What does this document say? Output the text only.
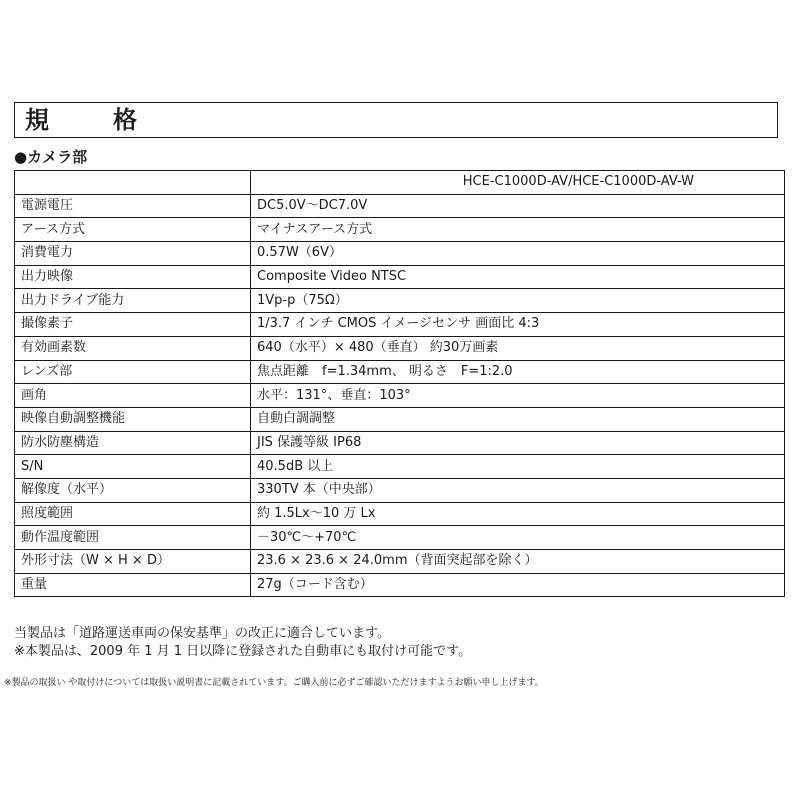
規　格
●カメラ部
	HCE-C1000D-AV/HCE-C1000D-AV-W
電源電圧	DC5.0V～DC7.0V
アース方式	マイナスアース方式
消費電力	0.57W（6V）
出力映像	Composite Video NTSC
出力ドライブ能力	1Vp-p（75Ω）
撮像素子	1/3.7 インチ CMOS イメージセンサ 画面比 4:3
有効画素数	640（水平）× 480（垂直） 約30万画素
レンズ部	焦点距離　f=1.34mm、 明るさ　F=1:2.0
画角	水平：131°、垂直：103°
映像自動調整機能	自動白調調整
防水防塵構造	JIS 保護等級 IP68
S/N	40.5dB 以上
解像度（水平）	330TV 本（中央部）
照度範囲	約 1.5Lx～10 万 Lx
動作温度範囲	－30℃～+70℃
外形寸法（W × H × D）	23.6 × 23.6 × 24.0mm（背面突起部を除く）
重量	27g（コード含む）
当製品は「道路運送車両の保安基準」の改正に適合しています。
※本製品は、2009 年 1 月 1 日以降に登録された自動車にも取付け可能です。
※製品の取扱い や取付けについては取扱い説明書に記載されています。ご購入前に必ずご確認いただけますようお願い申し上げます。
